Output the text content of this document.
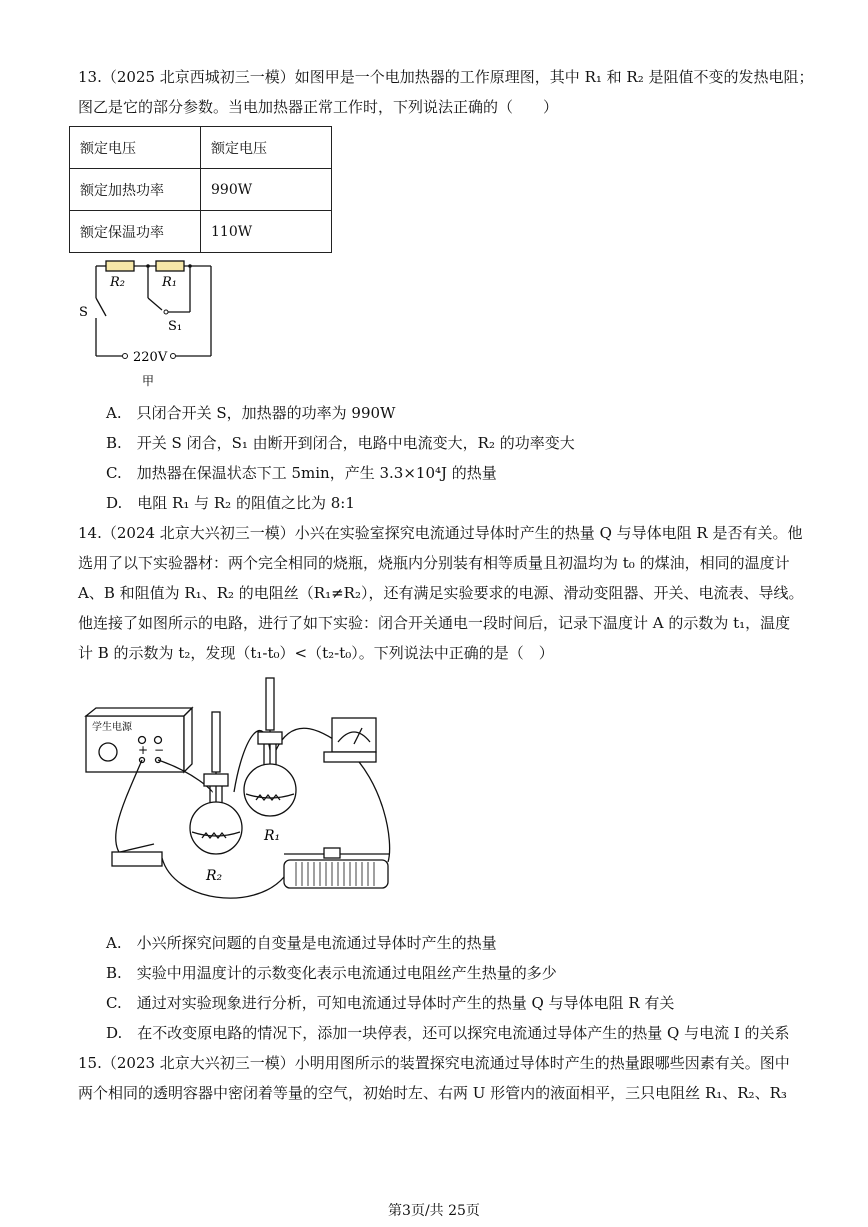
13.（2025 北京西城初三一模）如图甲是一个电加热器的工作原理图，其中 R₁ 和 R₂ 是阻值不变的发热电阻；
图乙是它的部分参数。当电加热器正常工作时，下列说法正确的（　　）
额定电压	额定电压
额定加热功率	990W
额定保温功率	110W
R₂	R₁
S
S₁
220V
甲
A.　只闭合开关 S，加热器的功率为 990W
B.　开关 S 闭合，S₁ 由断开到闭合，电路中电流变大，R₂ 的功率变大
C.　加热器在保温状态下工 5min，产生 3.3×10⁴J 的热量
D.　电阻 R₁ 与 R₂ 的阻值之比为 8:1
14.（2024 北京大兴初三一模）小兴在实验室探究电流通过导体时产生的热量 Q 与导体电阻 R 是否有关。他
选用了以下实验器材：两个完全相同的烧瓶，烧瓶内分别装有相等质量且初温均为 t₀ 的煤油，相同的温度计
A、B 和阻值为 R₁、R₂ 的电阻丝（R₁≠R₂），还有满足实验要求的电源、滑动变阻器、开关、电流表、导线。
他连接了如图所示的电路，进行了如下实验：闭合开关通电一段时间后，记录下温度计 A 的示数为 t₁，温度
计 B 的示数为 t₂，发现（t₁-t₀）<（t₂-t₀）。下列说法中正确的是（　）
学生电源
+ −
R₁
R₂
A.　小兴所探究问题的自变量是电流通过导体时产生的热量
B.　实验中用温度计的示数变化表示电流通过电阻丝产生热量的多少
C.　通过对实验现象进行分析，可知电流通过导体时产生的热量 Q 与导体电阻 R 有关
D.　在不改变原电路的情况下，添加一块停表，还可以探究电流通过导体产生的热量 Q 与电流 I 的关系
15.（2023 北京大兴初三一模）小明用图所示的装置探究电流通过导体时产生的热量跟哪些因素有关。图中
两个相同的透明容器中密闭着等量的空气，初始时左、右两 U 形管内的液面相平，三只电阻丝 R₁、R₂、R₃
第3页/共 25页
